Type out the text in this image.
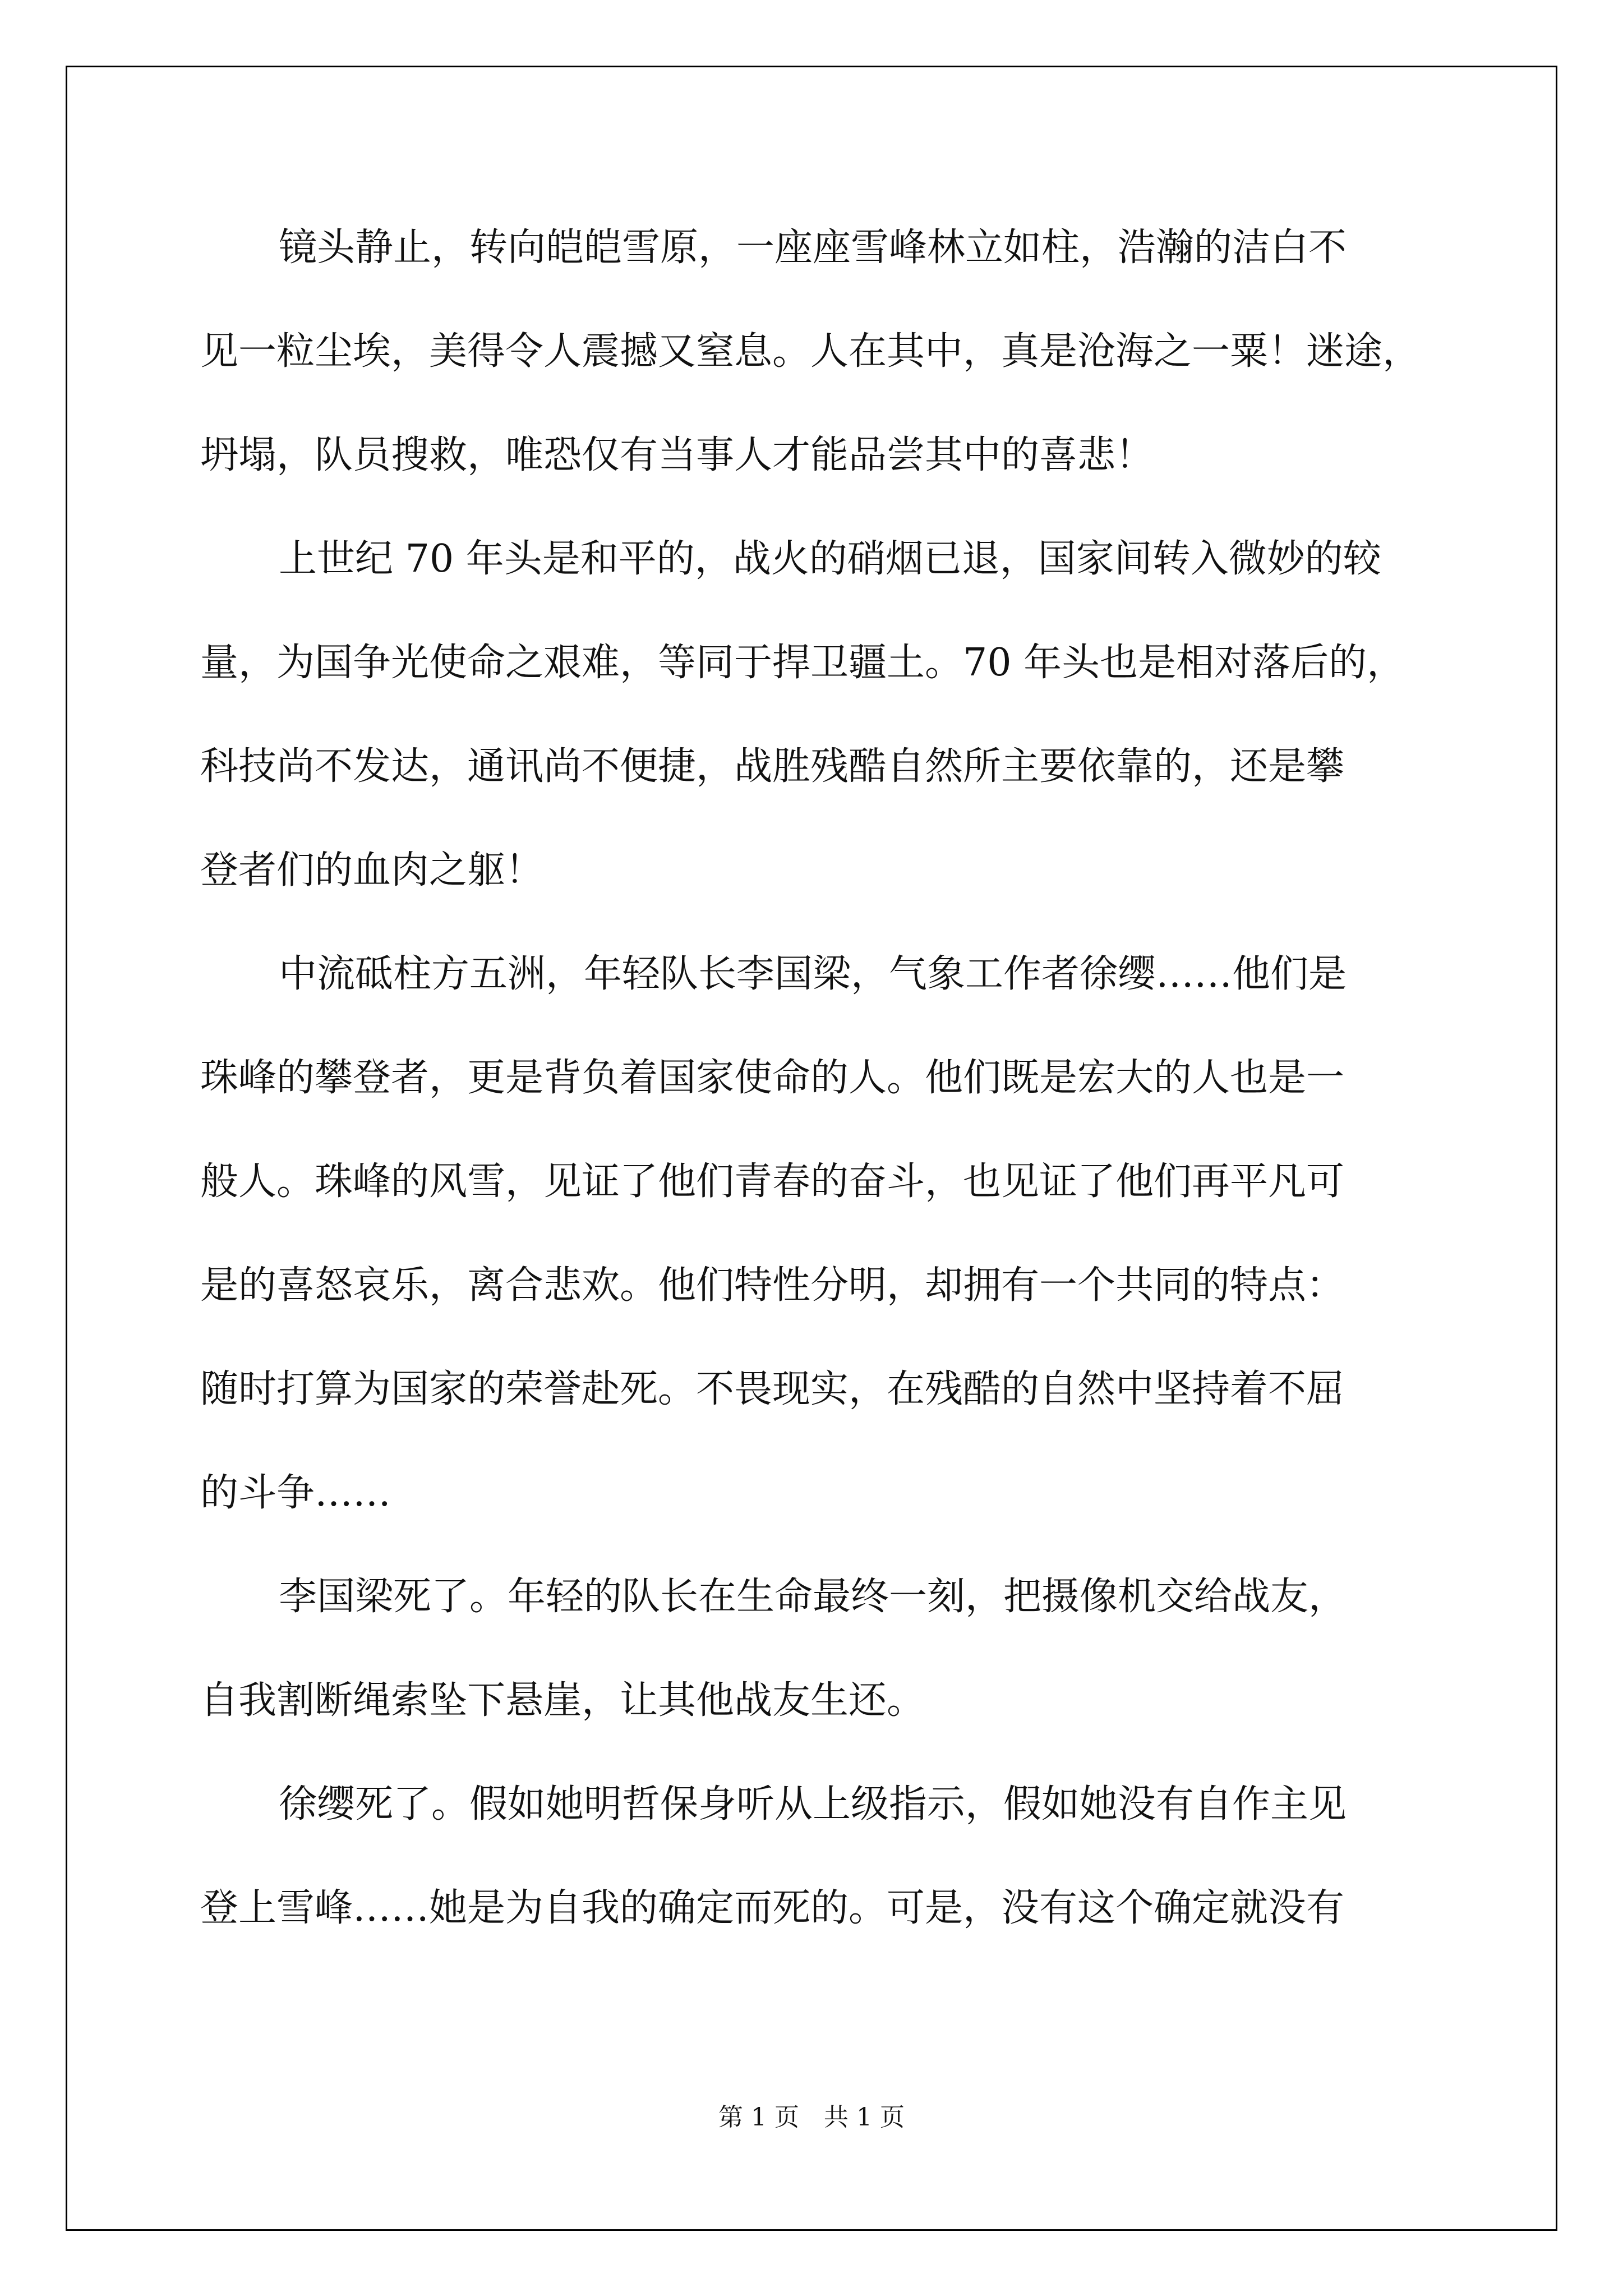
镜头静止，转向皑皑雪原，一座座雪峰林立如柱，浩瀚的洁白不
见一粒尘埃，美得令人震撼又窒息。人在其中，真是沧海之一粟！迷途，
坍塌，队员搜救，唯恐仅有当事人才能品尝其中的喜悲！

上世纪 70 年头是和平的，战火的硝烟已退，国家间转入微妙的较
量，为国争光使命之艰难，等同于捍卫疆土。70 年头也是相对落后的，
科技尚不发达，通讯尚不便捷，战胜残酷自然所主要依靠的，还是攀
登者们的血肉之躯！

中流砥柱方五洲，年轻队长李国梁，气象工作者徐缨……他们是
珠峰的攀登者，更是背负着国家使命的人。他们既是宏大的人也是一
般人。珠峰的风雪，见证了他们青春的奋斗，也见证了他们再平凡可
是的喜怒哀乐，离合悲欢。他们特性分明，却拥有一个共同的特点：
随时打算为国家的荣誉赴死。不畏现实，在残酷的自然中坚持着不屈
的斗争……

李国梁死了。年轻的队长在生命最终一刻，把摄像机交给战友，
自我割断绳索坠下悬崖，让其他战友生还。

徐缨死了。假如她明哲保身听从上级指示，假如她没有自作主见
登上雪峰……她是为自我的确定而死的。可是，没有这个确定就没有

第 1 页　共 1 页
